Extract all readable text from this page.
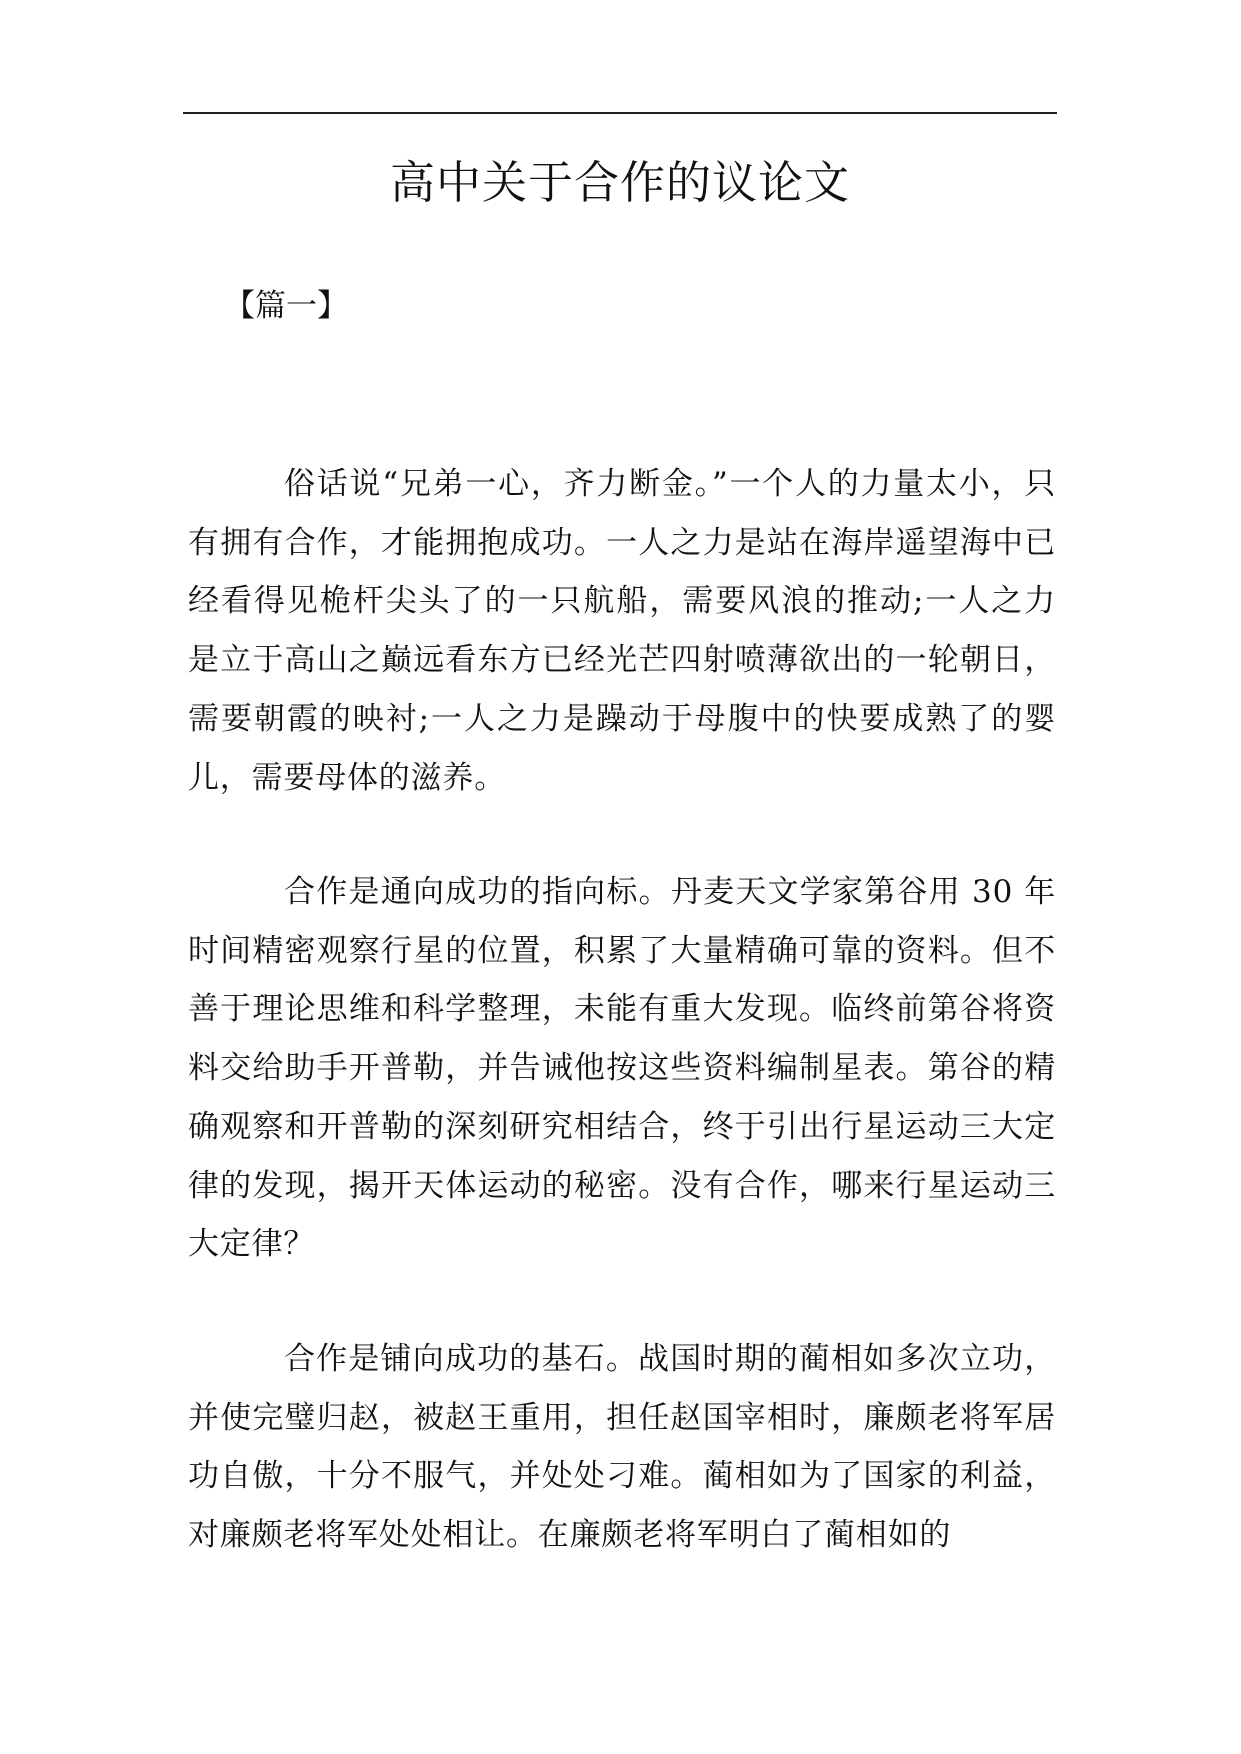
高中关于合作的议论文

【篇一】

俗话说“兄弟一心，齐力断金。”一个人的力量太小，只有拥有合作，才能拥抱成功。一人之力是站在海岸遥望海中已经看得见桅杆尖头了的一只航船，需要风浪的推动;一人之力是立于高山之巅远看东方已经光芒四射喷薄欲出的一轮朝日，需要朝霞的映衬;一人之力是躁动于母腹中的快要成熟了的婴儿，需要母体的滋养。

合作是通向成功的指向标。丹麦天文学家第谷用 30 年时间精密观察行星的位置，积累了大量精确可靠的资料。但不善于理论思维和科学整理，未能有重大发现。临终前第谷将资料交给助手开普勒，并告诫他按这些资料编制星表。第谷的精确观察和开普勒的深刻研究相结合，终于引出行星运动三大定律的发现，揭开天体运动的秘密。没有合作，哪来行星运动三大定律？

合作是铺向成功的基石。战国时期的蔺相如多次立功，并使完璧归赵，被赵王重用，担任赵国宰相时，廉颇老将军居功自傲，十分不服气，并处处刁难。蔺相如为了国家的利益，对廉颇老将军处处相让。在廉颇老将军明白了蔺相如的
